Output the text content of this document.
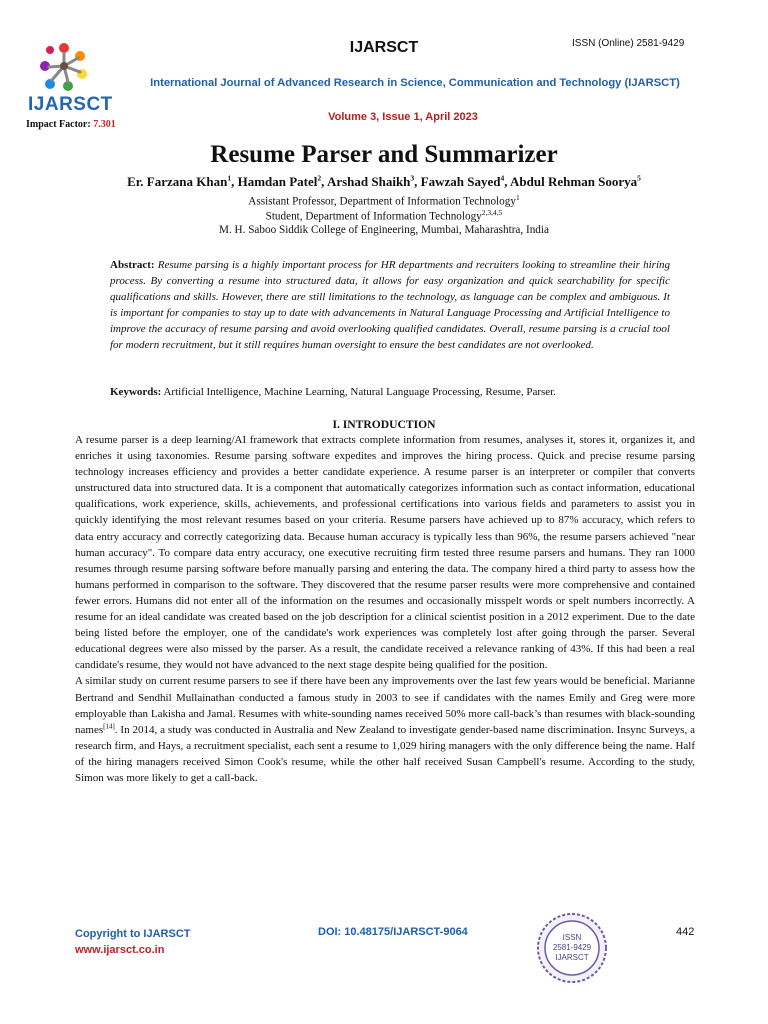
IJARSCT	ISSN (Online) 2581-9429
IJARSCT
Impact Factor: 7.301
International Journal of Advanced Research in Science, Communication and Technology (IJARSCT)
Volume 3, Issue 1, April 2023
Resume Parser and Summarizer
Er. Farzana Khan$^1$, Hamdan Patel$^2$, Arshad Shaikh$^3$, Fawzah Sayed$^4$, Abdul Rehman Soorya$^5$
Assistant Professor, Department of Information Technology$^1$
Student, Department of Information Technology$^{2,3,4,5}$
M. H. Saboo Siddik College of Engineering, Mumbai, Maharashtra, India
Abstract: Resume parsing is a highly important process for HR departments and recruiters looking to streamline their hiring process. By converting a resume into structured data, it allows for easy organization and quick searchability for specific qualifications and skills. However, there are still limitations to the technology, as language can be complex and ambiguous. It is important for companies to stay up to date with advancements in Natural Language Processing and Artificial Intelligence to improve the accuracy of resume parsing and avoid overlooking qualified candidates. Overall, resume parsing is a crucial tool for modern recruitment, but it still requires human oversight to ensure the best candidates are not overlooked.
Keywords: Artificial Intelligence, Machine Learning, Natural Language Processing, Resume, Parser.
I. INTRODUCTION

A resume parser is a deep learning/AI framework that extracts complete information from resumes, analyses it, stores it, organizes it, and enriches it using taxonomies. Resume parsing software expedites and improves the hiring process. Quick and precise resume parsing technology increases efficiency and provides a better candidate experience. A resume parser is an interpreter or compiler that converts unstructured data into structured data. It is a component that automatically categorizes information such as contact information, educational qualifications, work experience, skills, achievements, and professional certifications into various fields and parameters to assist you in quickly identifying the most relevant resumes based on your criteria. Resume parsers have achieved up to 87% accuracy, which refers to data entry accuracy and correctly categorizing data. Because human accuracy is typically less than 96%, the resume parsers achieved "near human accuracy". To compare data entry accuracy, one executive recruiting firm tested three resume parsers and humans. They ran 1000 resumes through resume parsing software before manually parsing and entering the data. The company hired a third party to assess how the humans performed in comparison to the software. They discovered that the resume parser results were more comprehensive and contained fewer errors. Humans did not enter all of the information on the resumes and occasionally misspelt words or spelt numbers incorrectly. A resume for an ideal candidate was created based on the job description for a clinical scientist position in a 2012 experiment. Due to the date being listed before the employer, one of the candidate's work experiences was completely lost after going through the parser. Several educational degrees were also missed by the parser. As a result, the candidate received a relevance ranking of 43%. If this had been a real candidate's resume, they would not have advanced to the next stage despite being qualified for the position.

A similar study on current resume parsers to see if there have been any improvements over the last few years would be beneficial. Marianne Bertrand and Sendhil Mullainathan conducted a famous study in 2003 to see if candidates with the names Emily and Greg were more employable than Lakisha and Jamal. Resumes with white-sounding names received 50% more call-back’s than resumes with black-sounding names[14]. In 2014, a study was conducted in Australia and New Zealand to investigate gender-based name discrimination. Insync Surveys, a research firm, and Hays, a recruitment specialist, each sent a resume to 1,029 hiring managers with the only difference being the name. Half of the hiring managers received Simon Cook's resume, while the other half received Susan Campbell's resume. According to the study, Simon was more likely to get a call-back.

Copyright to IJARSCT
www.ijarsct.co.in
DOI: 10.48175/IJARSCT-9064	ISSN
2581-9429
IJARSCT
442
